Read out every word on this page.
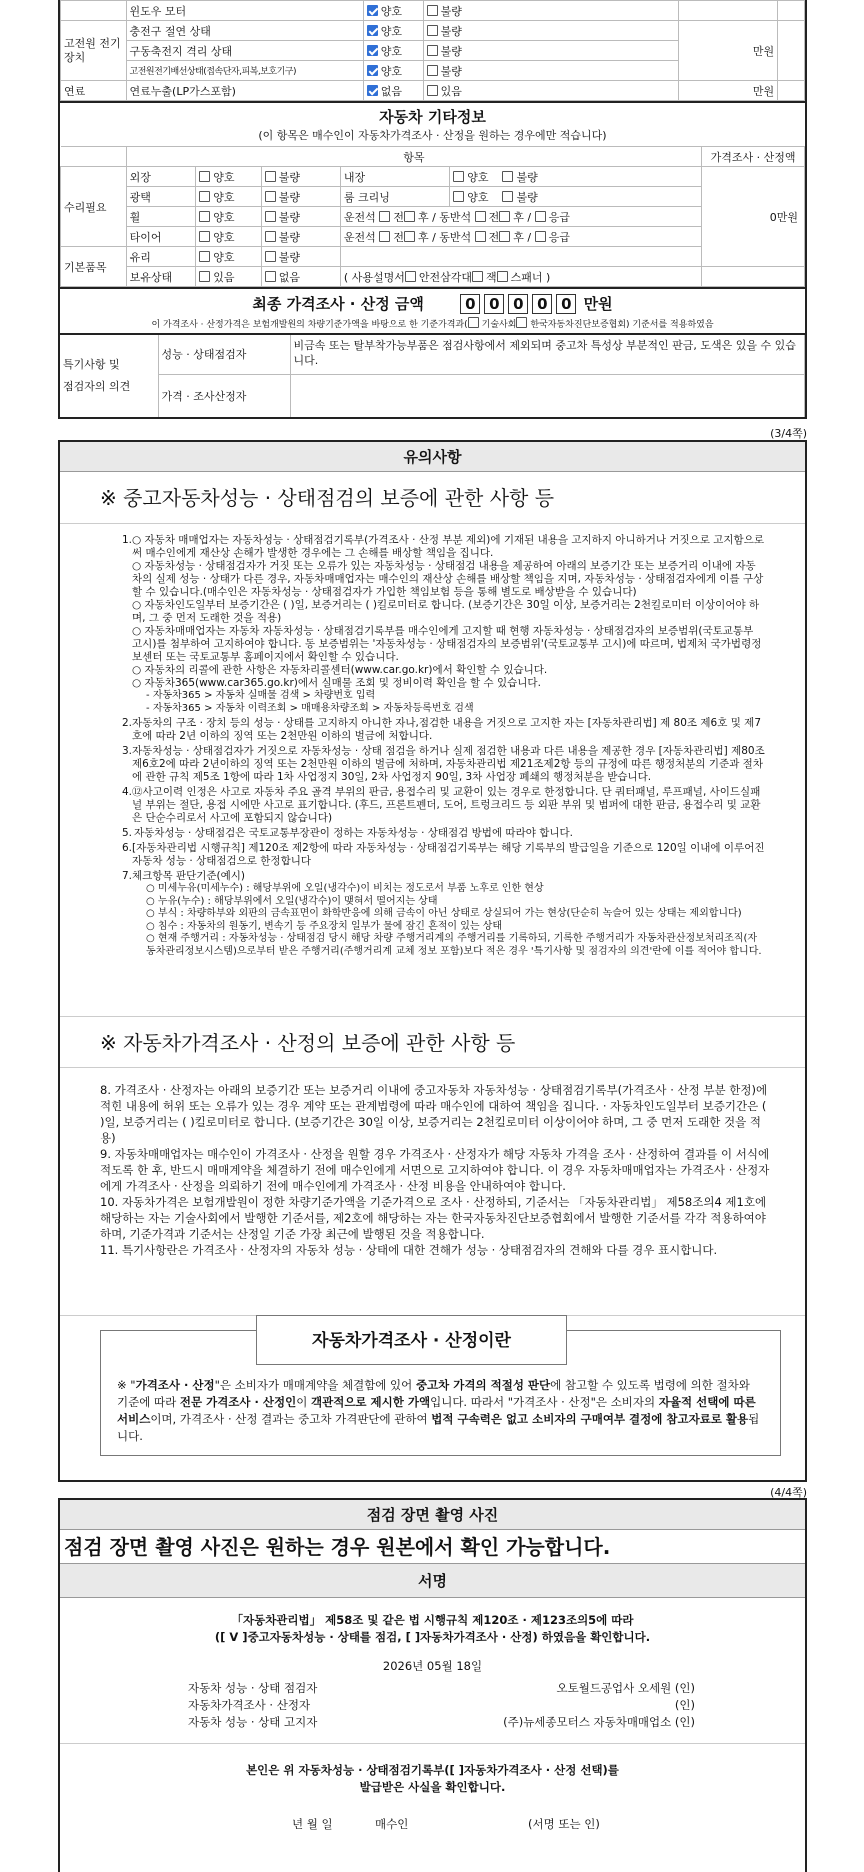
	윈도우 모터	양호	불량		
고전원 전기장치	충전구 절연 상태	양호	불량	만원	
	구동축전지 격리 상태	양호	불량		
	고전원전기배선상태(접속단자,피복,보호기구)	양호	불량		
연료	연료누출(LP가스포함)	없음	있음	만원	
자동차 기타정보
(이 항목은 매수인이 자동차가격조사 · 산정을 원하는 경우에만 적습니다)
	항목					가격조사 · 산정액
수리필요	외장	양호	불량	내장	양호 불량	0만원
	광택	양호	불량	룸 크리닝	양호 불량	
	휠	양호	불량	운전석 전 후 / 동반석 전 후 / 응급		
	타이어	양호	불량	운전석 전 후 / 동반석 전 후 / 응급		
기본품목	유리	양호	불량			
	보유상태	있음	없음	( 사용설명서 안전삼각대 잭 스패너 )		
최종 가격조사 · 산정 금액	0 0 0 0 0 만원
이 가격조사 · 산정가격은 보험개발원의 차량기준가액을 바탕으로 한 기준가격과( 기술사회 한국자동차진단보증협회) 기준서를 적용하였음
특기사항 및
점검자의 의견	성능 · 상태점검자	비금속 또는 탈부착가능부품은 점검사항에서 제외되며 중고차 특성상 부분적인 판금, 도색은 있을 수 있습니다.
	가격 · 조사산정자	
(3/4쪽)
유의사항
※ 중고자동차성능 · 상태점검의 보증에 관한 사항 등
1. ○ 자동차 매매업자는 자동차성능 · 상태점검기록부(가격조사 · 산정 부분 제외)에 기재된 내용을 고지하지 아니하거나 거짓으로 고지함으로써 매수인에게 재산상 손해가 발생한 경우에는 그 손해를 배상할 책임을 집니다.
○ 자동차성능 · 상태점검자가 거짓 또는 오류가 있는 자동차성능 · 상태점검 내용을 제공하여 아래의 보증기간 또는 보증거리 이내에 자동차의 실제 성능 · 상태가 다른 경우, 자동차매매업자는 매수인의 재산상 손해를 배상할 책임을 지며, 자동차성능 · 상태점검자에게 이를 구상할 수 있습니다.(매수인은 자동차성능 · 상태점검자가 가입한 책임보험 등을 통해 별도로 배상받을 수 있습니다)
○ 자동차인도일부터 보증기간은 ( )일, 보증거리는 ( )킬로미터로 합니다. (보증기간은 30일 이상, 보증거리는 2천킬로미터 이상이어야 하며, 그 중 먼저 도래한 것을 적용)
○ 자동차매매업자는 자동차 자동차성능 · 상태점검기록부를 매수인에게 고지할 때 현행 자동차성능 · 상태점검자의 보증범위(국토교통부 고시)를 첨부하여 고지하여야 합니다. 동 보증범위는 '자동차성능 · 상태점검자의 보증범위'(국토교통부 고시)에 따르며, 법제처 국가법령정보센터 또는 국토교통부 홈페이지에서 확인할 수 있습니다.
○ 자동차의 리콜에 관한 사항은 자동차리콜센터(www.car.go.kr)에서 확인할 수 있습니다.
○ 자동차365(www.car365.go.kr)에서 실매물 조회 및 정비이력 확인을 할 수 있습니다.
- 자동차365 > 자동차 실매물 검색 > 차량번호 입력
- 자동차365 > 자동차 이력조회 > 매매용차량조회 > 자동차등록번호 검색
2. 자동차의 구조 · 장치 등의 성능 · 상태를 고지하지 아니한 자나,점검한 내용을 거짓으로 고지한 자는 [자동차관리법] 제 80조 제6호 및 제7호에 따라 2년 이하의 징역 또는 2천만원 이하의 벌금에 처합니다.
3. 자동차성능 · 상태점검자가 거짓으로 자동차성능 · 상태 점검을 하거나 실제 점검한 내용과 다른 내용을 제공한 경우 [자동차관리법] 제80조제6호2에 따라 2년이하의 징역 또는 2천만원 이하의 벌금에 처하며, 자동차관리법 제21조제2항 등의 규정에 따른 행정처분의 기준과 절차에 관한 규칙 제5조 1항에 따라 1차 사업정지 30일, 2차 사업정지 90일, 3차 사업장 폐쇄의 행정처분을 받습니다.
4. ⑫사고이력 인정은 사고로 자동차 주요 골격 부위의 판금, 용접수리 및 교환이 있는 경우로 한정합니다. 단 쿼터패널, 루프패널, 사이드실패널 부위는 절단, 용접 시에만 사고로 표기합니다. (후드, 프론트펜더, 도어, 트렁크리드 등 외판 부위 및 범퍼에 대한 판금, 용접수리 및 교환은 단순수리로서 사고에 포함되지 않습니다)
5. 자동차성능 · 상태점검은 국토교통부장관이 정하는 자동차성능 · 상태점검 방법에 따라야 합니다.
6. [자동차관리법 시행규칙] 제120조 제2항에 따라 자동차성능 · 상태점검기록부는 해당 기록부의 발급일을 기준으로 120일 이내에 이루어진 자동차 성능 · 상태점검으로 한정합니다
7. 체크항목 판단기준(예시)
○ 미세누유(미세누수) : 해당부위에 오일(냉각수)이 비치는 정도로서 부품 노후로 인한 현상
○ 누유(누수) : 해당부위에서 오일(냉각수)이 맺혀서 떨어지는 상태
○ 부식 : 차량하부와 외판의 금속표면이 화학반응에 의해 금속이 아닌 상태로 상실되어 가는 현상(단순히 녹슬어 있는 상태는 제외합니다)
○ 침수 : 자동차의 원동기, 변속기 등 주요장치 일부가 물에 잠긴 흔적이 있는 상태
○ 현재 주행거리 : 자동차성능 · 상태점검 당시 해당 차량 주행거리계의 주행거리를 기록하되, 기록한 주행거리가 자동차관산정보처리조직(자동차관리정보시스템)으로부터 받은 주행거리(주행거리계 교체 정보 포함)보다 적은 경우 '특기사항 및 점검자의 의견'란에 이를 적어야 합니다.
※ 자동차가격조사 · 산정의 보증에 관한 사항 등
8. 가격조사 · 산정자는 아래의 보증기간 또는 보증거리 이내에 중고자동차 자동차성능 · 상태점검기록부(가격조사 · 산정 부분 한정)에 적힌 내용에 허위 또는 오류가 있는 경우 계약 또는 관계법령에 따라 매수인에 대하여 책임을 집니다. · 자동차인도일부터 보증기간은 ( )일, 보증거리는 ( )킬로미터로 합니다. (보증기간은 30일 이상, 보증거리는 2천킬로미터 이상이어야 하며, 그 중 먼저 도래한 것을 적용)
9. 자동차매매업자는 매수인이 가격조사 · 산정을 원할 경우 가격조사 · 산정자가 해당 자동차 가격을 조사 · 산정하여 결과를 이 서식에 적도록 한 후, 반드시 매매계약을 체결하기 전에 매수인에게 서면으로 고지하여야 합니다. 이 경우 자동차매매업자는 가격조사 · 산정자에게 가격조사 · 산정을 의뢰하기 전에 매수인에게 가격조사 · 산정 비용을 안내하여야 합니다.
10. 자동차가격은 보험개발원이 정한 차량기준가액을 기준가격으로 조사 · 산정하되, 기준서는 「자동차관리법」 제58조의4 제1호에 해당하는 자는 기술사회에서 발행한 기준서를, 제2호에 해당하는 자는 한국자동차진단보증협회에서 발행한 기준서를 각각 적용하여야 하며, 기준가격과 기준서는 산정일 기준 가장 최근에 발행된 것을 적용합니다.
11. 특기사항란은 가격조사 · 산정자의 자동차 성능 · 상태에 대한 견해가 성능 · 상태점검자의 견해와 다를 경우 표시합니다.
자동차가격조사 · 산정이란
※ "가격조사 · 산정"은 소비자가 매매계약을 체결함에 있어 중고차 가격의 적절성 판단에 참고할 수 있도록 법령에 의한 절차와 기준에 따라 전문 가격조사 · 산정인이 객관적으로 제시한 가액입니다. 따라서 "가격조사 · 산정"은 소비자의 자율적 선택에 따른 서비스이며, 가격조사 · 산정 결과는 중고차 가격판단에 관하여 법적 구속력은 없고 소비자의 구매여부 결정에 참고자료로 활용됩니다.
(4/4쪽)
점검 장면 촬영 사진
점검 장면 촬영 사진은 원하는 경우 원본에서 확인 가능합니다.
서명
「자동차관리법」 제58조 및 같은 법 시행규칙 제120조 · 제123조의5에 따라
([ V ]중고자동차성능 · 상태를 점검, [ ]자동차가격조사 · 산정) 하였음을 확인합니다.
2026년 05월 18일
자동차 성능 · 상태 점검자	오토월드공업사 오세원 (인)
자동차가격조사 · 산정자	(인)
자동차 성능 · 상태 고지자	(주)뉴세종모터스 자동차매매업소 (인)
본인은 위 자동차성능 · 상태점검기록부([ ]자동차가격조사 · 산정 선택)를
발급받은 사실을 확인합니다.
년 월 일	매수인	(서명 또는 인)
